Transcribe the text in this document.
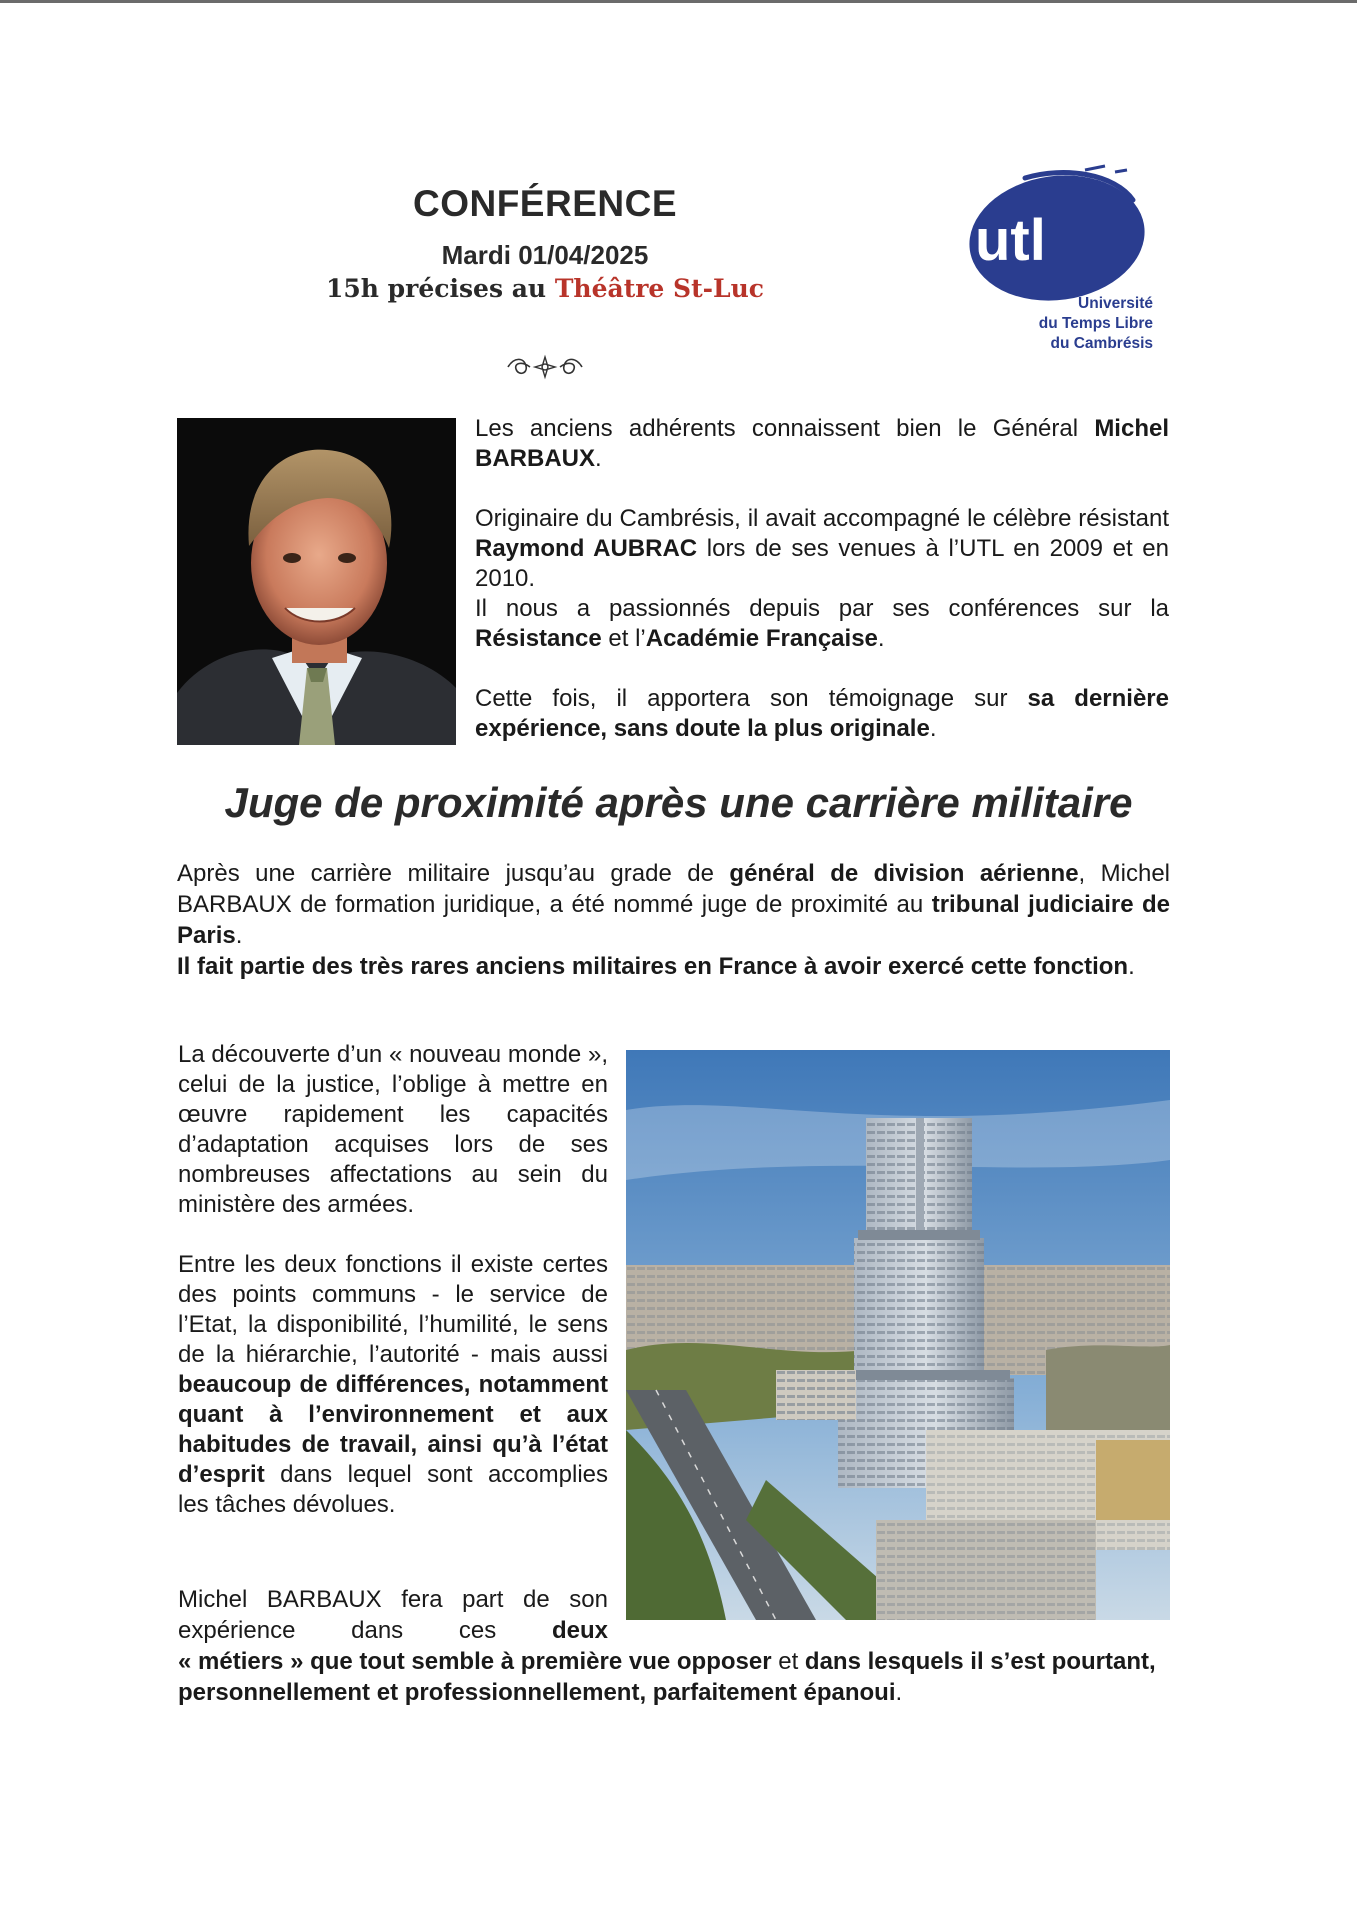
CONFÉRENCE
Mardi 01/04/2025
15h précises au Théâtre St-Luc
utl
Université
du Temps Libre
du Cambrésis

Les anciens adhérents connaissent bien le Général Michel BARBAUX.

Originaire du Cambrésis, il avait accompagné le célèbre résistant Raymond AUBRAC lors de ses venues à l’UTL en 2009 et en 2010.

Il nous a passionnés depuis par ses conférences sur la Résistance et l’Académie Française.

Cette fois, il apportera son témoignage sur sa dernière expérience, sans doute la plus originale.

Juge de proximité après une carrière militaire

Après une carrière militaire jusqu’au grade de général de division aérienne, Michel BARBAUX de formation juridique, a été nommé juge de proximité au tribunal judiciaire de Paris.

Il fait partie des très rares anciens militaires en France à avoir exercé cette fonction.

La découverte d’un « nouveau monde », celui de la justice, l’oblige à mettre en œuvre rapidement les capacités d’adaptation acquises lors de ses nombreuses affectations au sein du ministère des armées.

Entre les deux fonctions il existe certes des points communs - le service de l’Etat, la disponibilité, l’humilité, le sens de la hiérarchie, l’autorité - mais aussi beaucoup de différences, notamment quant à l’environnement et aux habitudes de travail, ainsi qu’à l’état d’esprit dans lequel sont accomplies les tâches dévolues.

Michel BARBAUX fera part de son expérience dans ces deux
« métiers » que tout semble à première vue opposer et dans lesquels il s’est pourtant, personnellement et professionnellement, parfaitement épanoui.
